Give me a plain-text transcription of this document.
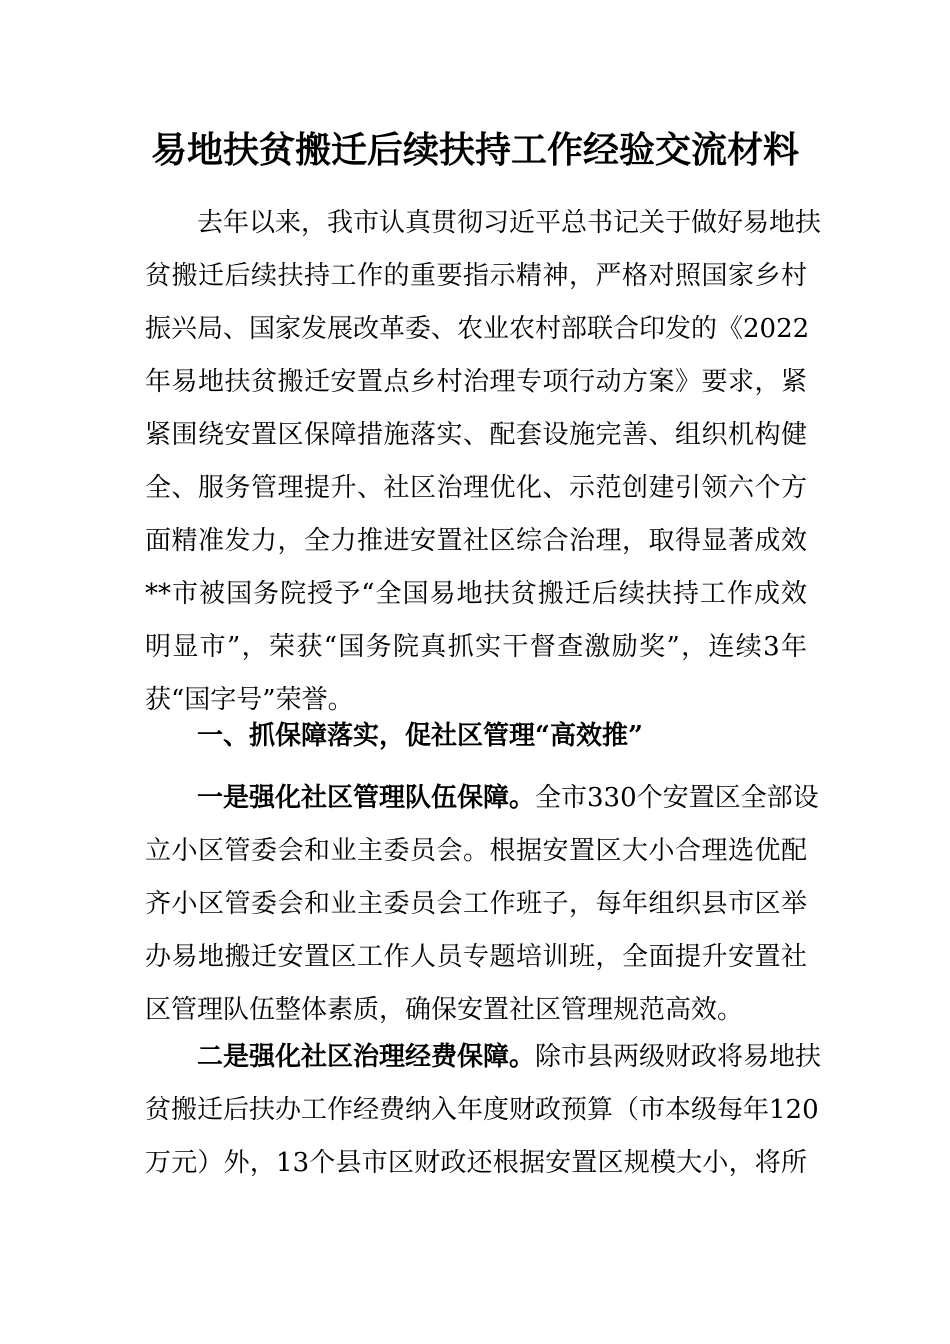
易地扶贫搬迁后续扶持工作经验交流材料
去年以来，我市认真贯彻习近平总书记关于做好易地扶
贫搬迁后续扶持工作的重要指示精神，严格对照国家乡村
振兴局、国家发展改革委、农业农村部联合印发的《2022
年易地扶贫搬迁安置点乡村治理专项行动方案》要求，紧
紧围绕安置区保障措施落实、配套设施完善、组织机构健
全、服务管理提升、社区治理优化、示范创建引领六个方
面精准发力，全力推进安置社区综合治理，取得显著成效
**市被国务院授予“全国易地扶贫搬迁后续扶持工作成效
明显市”，荣获“国务院真抓实干督查激励奖”，连续3年
获“国字号”荣誉。
一、抓保障落实，促社区管理“高效推”
一是强化社区管理队伍保障。全市330个安置区全部设
立小区管委会和业主委员会。根据安置区大小合理选优配
齐小区管委会和业主委员会工作班子，每年组织县市区举
办易地搬迁安置区工作人员专题培训班，全面提升安置社
区管理队伍整体素质，确保安置社区管理规范高效。
二是强化社区治理经费保障。除市县两级财政将易地扶
贫搬迁后扶办工作经费纳入年度财政预算（市本级每年120
万元）外，13个县市区财政还根据安置区规模大小，将所
